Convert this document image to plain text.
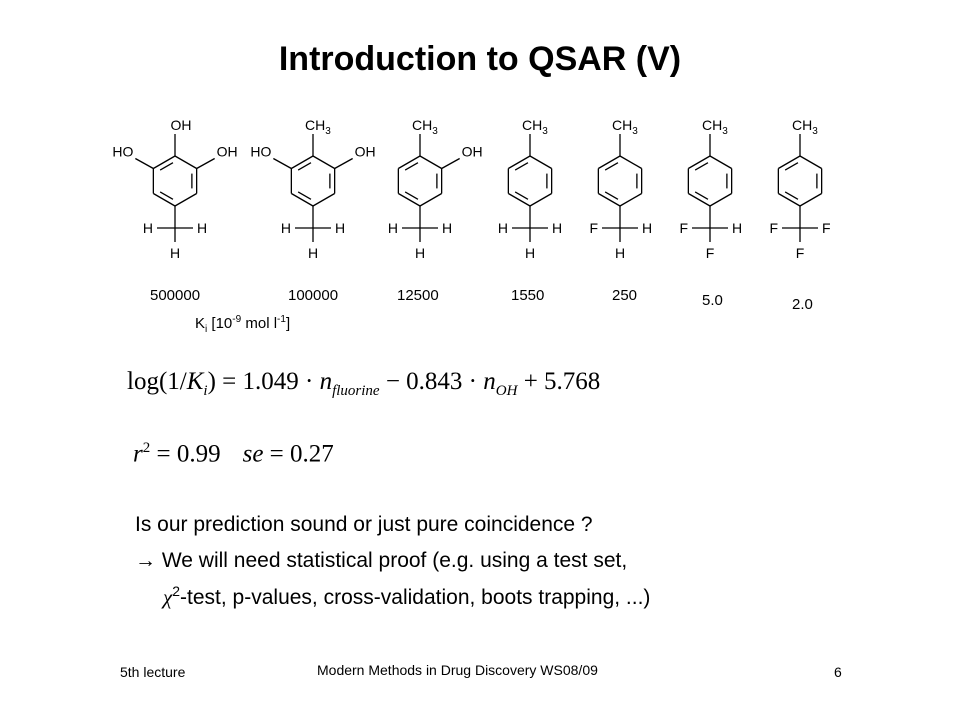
Introduction to QSAR (V)
OH
HO	OH
H	H
H
$CH_3$
HO	OH
H	H
H
$CH_3$
OH
H	H
H
$CH_3$
H	H
H
$CH_3$
F	H
H
$CH_3$
F	H
F
$CH_3$
F	F
F
500000	100000	12500	1550	250	5.0	2.0
$K_i$ [$10^{-9}$ mol $l^{-1}$]
$\log(1/K_i) = 1.049 \cdot n_{fluorine} - 0.843 \cdot n_{OH} + 5.768$
$r^2 = 0.99$ se = 0.27
Is our prediction sound or just pure coincidence ?
→ We will need statistical proof (e.g. using a test set,
$\chi^2$-test, p-values, cross-validation, boots trapping, ...)
5th lecture	Modern Methods in Drug Discovery WS08/09	6
